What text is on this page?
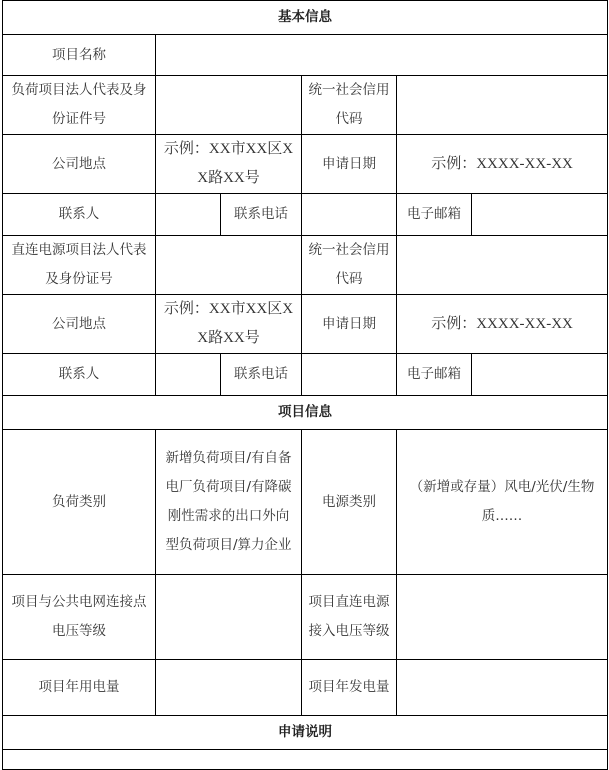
基本信息					
项目名称					
负荷项目法人代表及身份证件号			统一社会信用代码		
公司地点	示例：XX市XX区XX路XX号		申请日期	示例：XXXX-XX-XX	
联系人		联系电话		电子邮箱	
直连电源项目法人代表及身份证号			统一社会信用代码		
公司地点	示例：XX市XX区XX路XX号		申请日期	示例：XXXX-XX-XX	
联系人		联系电话		电子邮箱	
项目信息					
负荷类别	新增负荷项目/有自备电厂负荷项目/有降碳刚性需求的出口外向型负荷项目/算力企业		电源类别	（新增或存量）风电/光伏/生物质……	
项目与公共电网连接点电压等级			项目直连电源接入电压等级		
项目年用电量			项目年发电量		
申请说明					
